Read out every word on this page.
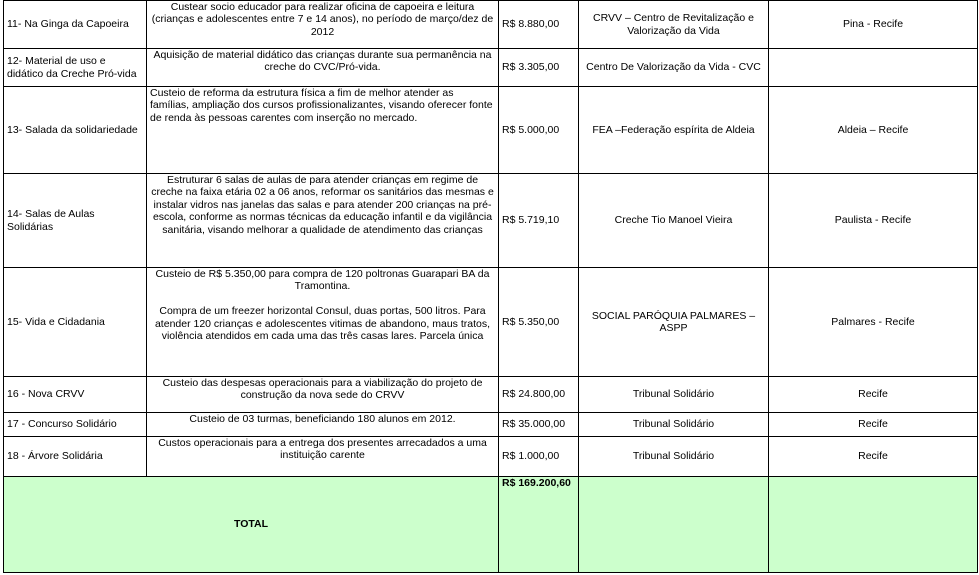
11- Na Ginga da Capoeira	Custear socio educador para realizar oficina de capoeira e leitura (crianças e adolescentes entre 7 e 14 anos), no período de março/dez de 2012	R$ 8.880,00	CRVV – Centro de Revitalização e Valorização da Vida	Pina - Recife
12- Material de uso e didático da Creche Pró-vida	Aquisição de material didático das crianças durante sua permanência na creche do CVC/Pró-vida.	R$ 3.305,00	Centro De Valorização da Vida - CVC	
13- Salada da solidariedade	Custeio de reforma da estrutura física a fim de melhor atender as famílias, ampliação dos cursos profissionalizantes, visando oferecer fonte de renda às pessoas carentes com inserção no mercado.	R$ 5.000,00	FEA –Federação espírita de Aldeia	Aldeia – Recife
14- Salas de Aulas Solidárias	Estruturar 6 salas de aulas de para atender crianças em regime de creche na faixa etária 02 a 06 anos, reformar os sanitários das mesmas e instalar vidros nas janelas das salas e para atender 200 crianças na pré-escola, conforme as normas técnicas da educação infantil e da vigilância sanitária, visando melhorar a qualidade de atendimento das crianças	R$ 5.719,10	Creche Tio Manoel Vieira	Paulista - Recife
15- Vida e Cidadania	Custeio de R$ 5.350,00 para compra de 120 poltronas Guarapari BA da Tramontina.
Compra de um freezer horizontal Consul, duas portas, 500 litros. Para atender 120 crianças e adolescentes vitimas de abandono, maus tratos, violência atendidos em cada uma das três casas lares. Parcela única	R$ 5.350,00	SOCIAL PARÓQUIA PALMARES – ASPP	Palmares - Recife
16 - Nova CRVV	Custeio das despesas operacionais para a viabilização do projeto de construção da nova sede do CRVV	R$ 24.800,00	Tribunal Solidário	Recife
17 - Concurso Solidário	Custeio de 03 turmas, beneficiando 180 alunos em 2012.	R$ 35.000,00	Tribunal Solidário	Recife
18 - Árvore Solidária	Custos operacionais para a entrega dos presentes arrecadados a uma instituição carente	R$ 1.000,00	Tribunal Solidário	Recife
TOTAL		R$ 169.200,60		
